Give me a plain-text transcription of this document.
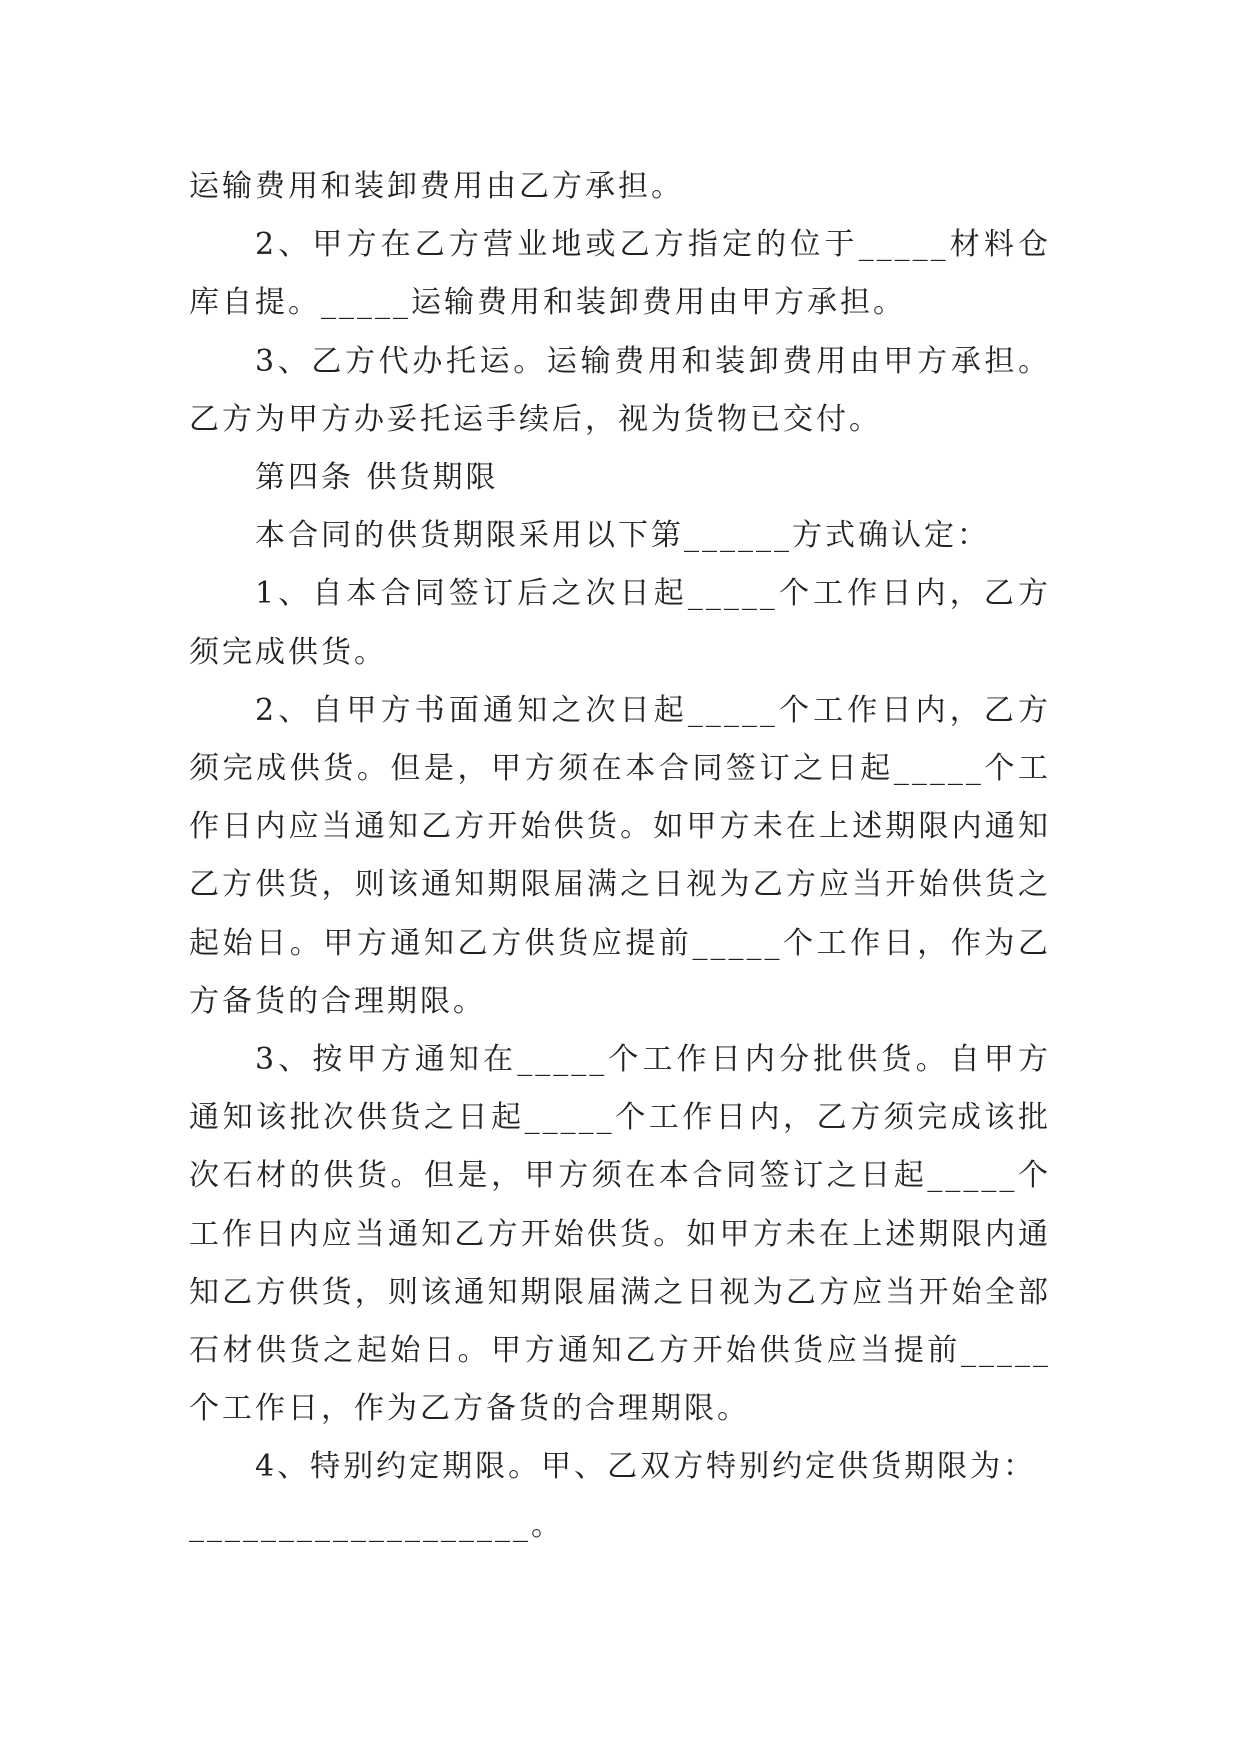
运输费用和装卸费用由乙方承担。

2、甲方在乙方营业地或乙方指定的位于_____材料仓库自提。_____运输费用和装卸费用由甲方承担。

3、乙方代办托运。运输费用和装卸费用由甲方承担。乙方为甲方办妥托运手续后，视为货物已交付。

第四条 供货期限

本合同的供货期限采用以下第______方式确认定：

1、自本合同签订后之次日起_____个工作日内，乙方须完成供货。

2、自甲方书面通知之次日起_____个工作日内，乙方须完成供货。但是，甲方须在本合同签订之日起_____个工作日内应当通知乙方开始供货。如甲方未在上述期限内通知乙方供货，则该通知期限届满之日视为乙方应当开始供货之起始日。甲方通知乙方供货应提前_____个工作日，作为乙方备货的合理期限。

3、按甲方通知在_____个工作日内分批供货。自甲方通知该批次供货之日起_____个工作日内，乙方须完成该批次石材的供货。但是，甲方须在本合同签订之日起_____个工作日内应当通知乙方开始供货。如甲方未在上述期限内通知乙方供货，则该通知期限届满之日视为乙方应当开始全部石材供货之起始日。甲方通知乙方开始供货应当提前_____个工作日，作为乙方备货的合理期限。

4、特别约定期限。甲、乙双方特别约定供货期限为：

___________________。
